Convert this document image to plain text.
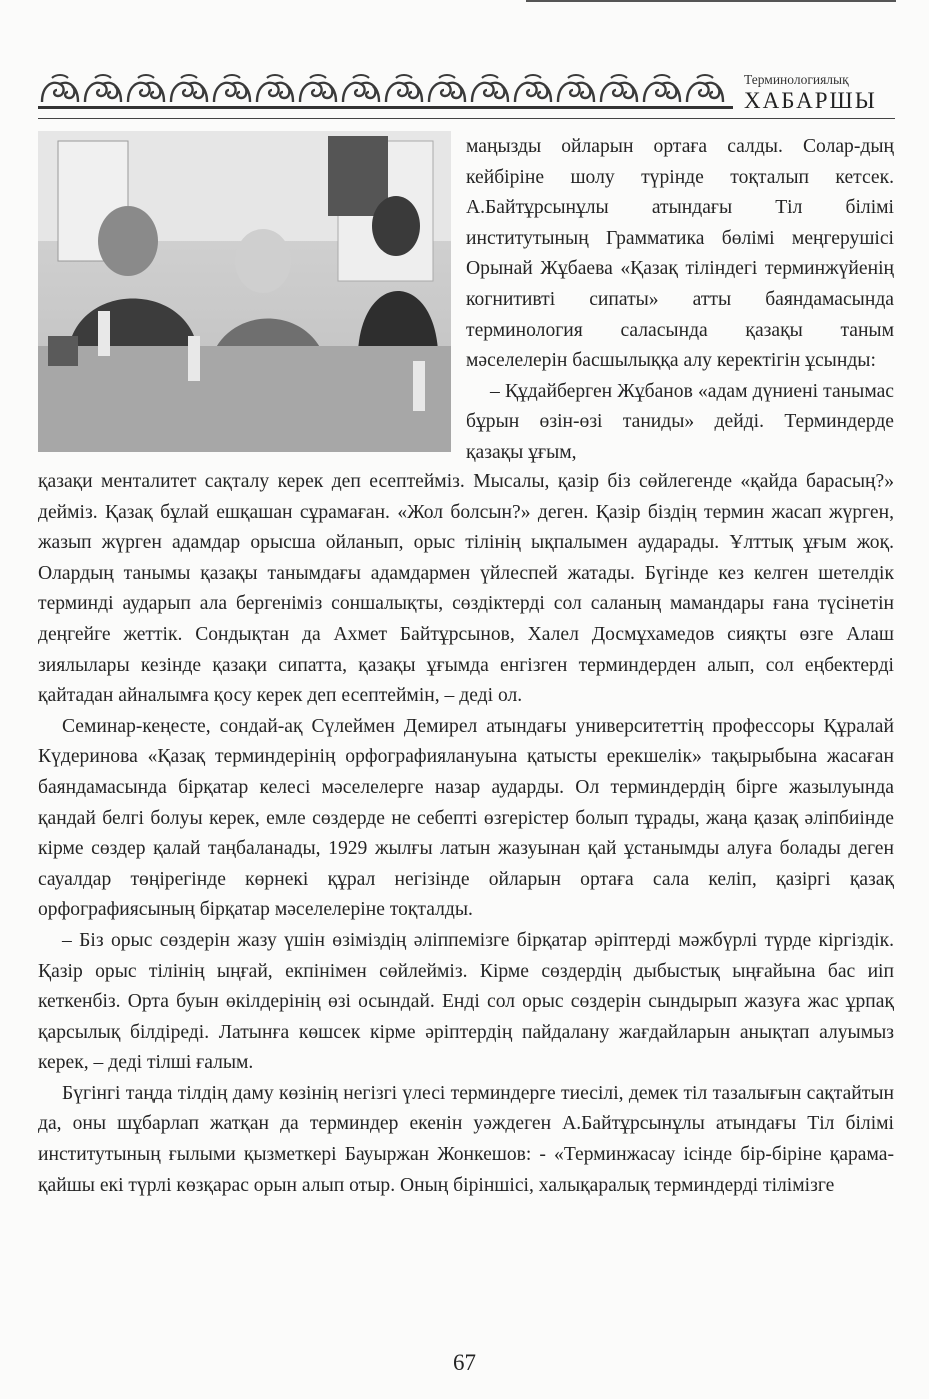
Терминологиялық
ХАБАРШЫ

маңызды ойларын ортаға салды. Солар-дың кейбірінe шолу түрінде тоқталып кетсек. А.Байтұрсынұлы атындағы Тіл білімі институтының Грамматика бөлімі меңгерушісі Орынай Жұбаева «Қазақ тіліндегі терминжүйенің когнитивті сипаты» атты баяндамасында терминология саласында қазақы таным мәселелерін басшылыққа алу керектігін ұсынды:

– Құдайберген Жұбанов «адам дүниені танымас бұрын өзін-өзі таниды» дейді. Терминдерде қазақы ұғым,

қазақи менталитет сақталу керек деп есептейміз. Мысалы, қазір біз сөйлегенде «қайда барасың?» дейміз. Қазақ бұлай ешқашан сұрамаған. «Жол болсын?» деген. Қазір біздің термин жасап жүрген, жазып жүрген адамдар орысша ойланып, орыс тілінің ықпалымен аударады. Ұлттық ұғым жоқ. Олардың танымы қазақы танымдағы адамдармен үйлеспей жатады. Бүгінде кез келген шетелдік терминді аударып ала бергеніміз соншалықты, сөздіктерді сол саланың мамандары ғана түсінетін деңгейге жеттік. Сондықтан да Ахмет Байтұрсынов, Халел Досмұхамедов сияқты өзге Алаш зиялылары кезінде қазақи сипатта, қазақы ұғымда енгізген терминдерден алып, сол еңбектерді қайтадан айналымға қосу керек деп есептеймін, – деді ол.

Семинар-кеңесте, сондай-ақ Сүлеймен Демирел атындағы университеттің профессоры Құралай Күдеринова «Қазақ терминдерінің орфографиялануына қатысты ерекшелік» тақырыбына жасаған баяндамасында бірқатар келесі мәселелерге назар аударды. Ол терминдердің бірге жазылуында қандай белгі болуы керек, емле сөздерде не себепті өзгерістер болып тұрады, жаңа қазақ әліпбиінде кірме сөздер қалай таңбаланады, 1929 жылғы латын жазуынан қай ұстанымды алуға болады деген сауалдар төңірегінде көрнекі құрал негізінде ойларын ортаға сала келіп, қазіргі қазақ орфографиясының бірқатар мәселелеріне тоқталды.

– Біз орыс сөздерін жазу үшін өзіміздің әліппемізге бірқатар әріптерді мәжбүрлі түрде кіргіздік. Қазір орыс тілінің ыңғай, екпінімен сөйлейміз. Кірме сөздердің дыбыстық ыңғайына бас иіп кеткенбіз. Орта буын өкілдерінің өзі осындай. Енді сол орыс сөздерін сындырып жазуға жас ұрпақ қарсылық білдіреді. Латынға көшсек кірме әріптердің пайдалану жағдайларын анықтап алуымыз керек, – деді тілші ғалым.

Бүгінгі таңда тілдің даму көзінің негізгі үлесі терминдерге тиесілі, демек тіл тазалығын сақтайтын да, оны шұбарлап жатқан да терминдер екенін уәждеген А.Байтұрсынұлы атындағы Тіл білімі институтының ғылыми қызметкері Бауыржан Жонкешов: - «Терминжасау ісінде бір-біріне қарама-қайшы екі түрлі көзқарас орын алып отыр. Оның біріншісі, халықаралық терминдерді тілімізге

67
